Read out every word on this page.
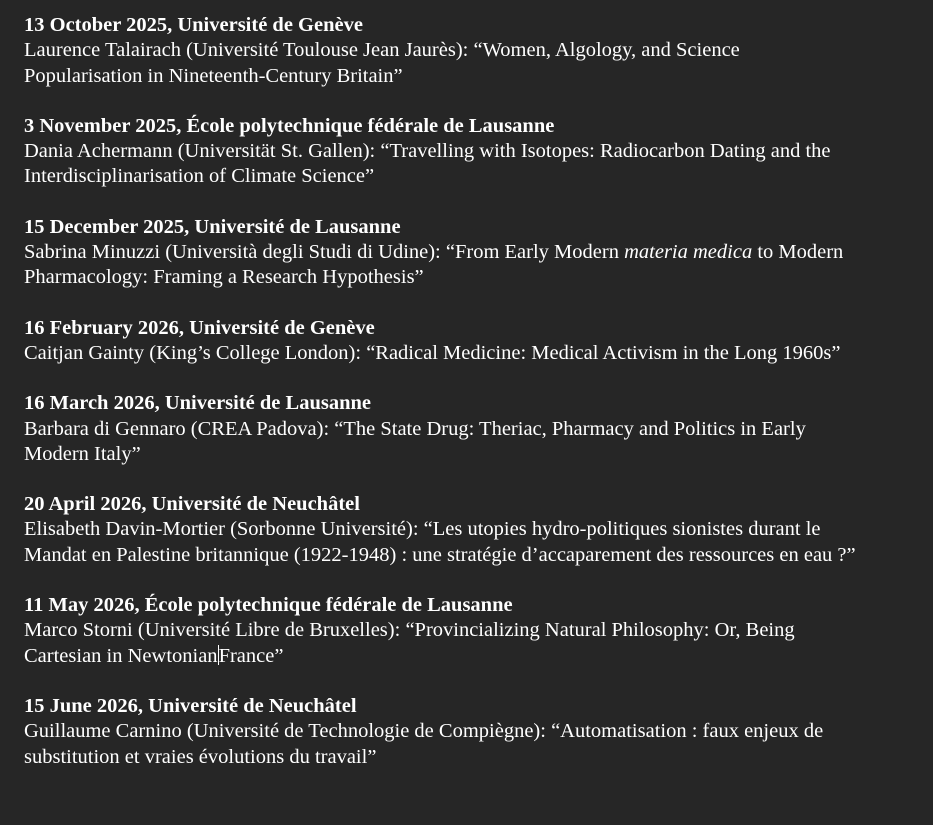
13 October 2025, Université de Genève

Laurence Talairach (Université Toulouse Jean Jaurès): “Women, Algology, and Science
Popularisation in Nineteenth-Century Britain”

3 November 2025, École polytechnique fédérale de Lausanne

Dania Achermann (Universität St. Gallen): “Travelling with Isotopes: Radiocarbon Dating and the
Interdisciplinarisation of Climate Science”

15 December 2025, Université de Lausanne

Sabrina Minuzzi (Università degli Studi di Udine): “From Early Modern materia medica to Modern
Pharmacology: Framing a Research Hypothesis”

16 February 2026, Université de Genève

Caitjan Gainty (King’s College London): “Radical Medicine: Medical Activism in the Long 1960s”

16 March 2026, Université de Lausanne

Barbara di Gennaro (CREA Padova): “The State Drug: Theriac, Pharmacy and Politics in Early
Modern Italy”

20 April 2026, Université de Neuchâtel

Elisabeth Davin-Mortier (Sorbonne Université): “Les utopies hydro-politiques sionistes durant le
Mandat en Palestine britannique (1922-1948) : une stratégie d’accaparement des ressources en eau ?”

11 May 2026, École polytechnique fédérale de Lausanne

Marco Storni (Université Libre de Bruxelles): “Provincializing Natural Philosophy: Or, Being
Cartesian in NewtonianFrance”

15 June 2026, Université de Neuchâtel

Guillaume Carnino (Université de Technologie de Compiègne): “Automatisation : faux enjeux de
substitution et vraies évolutions du travail”
